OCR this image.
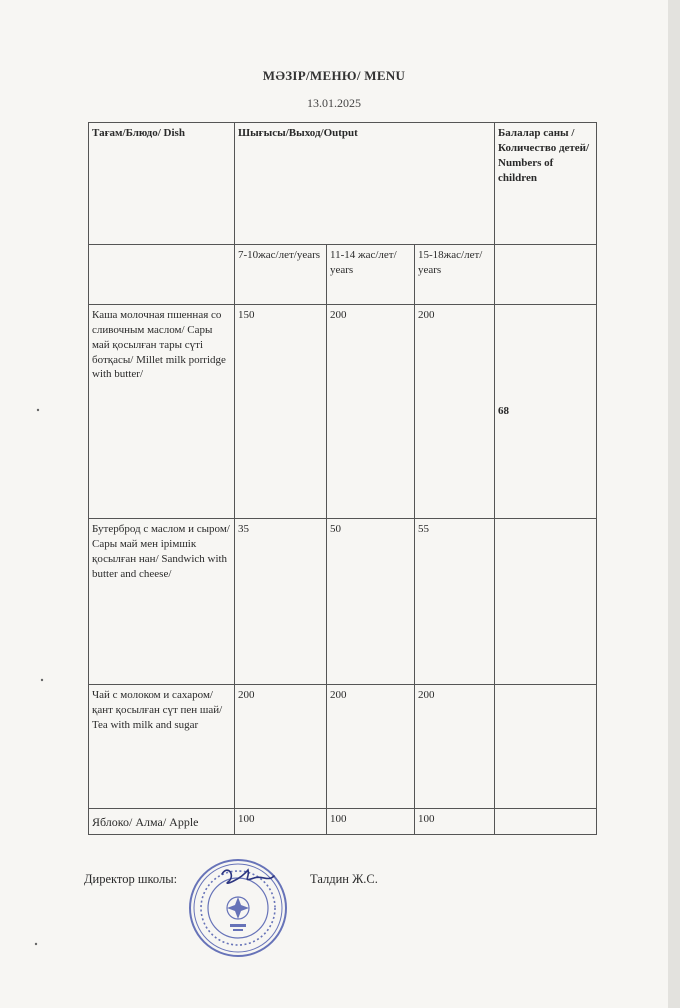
МӘЗІР/МЕНЮ/ MENU
13.01.2025
Тағам/Блюдо/ Dish	Шығысы/Выход/Output			Балалар саны /Количество детей/ Numbers of children
	7-10жас/лет/years	11-14 жас/лет/ years	15-18жас/лет/ years	
Каша молочная пшенная со сливочным маслом/ Сары май қосылған тары сүті ботқасы/ Millet milk porridge with butter/	150	200	200	68
Бутерброд с маслом и сыром/ Сары май мен ірімшік қосылған нан/ Sandwich with butter and cheese/	35	50	55	
Чай с молоком и сахаром/қант қосылған сүт пен шай/ Tea with milk and sugar	200	200	200	
Яблоко/ Алма/ Apple	100	100	100	
Директор школы:	Талдин Ж.С.
